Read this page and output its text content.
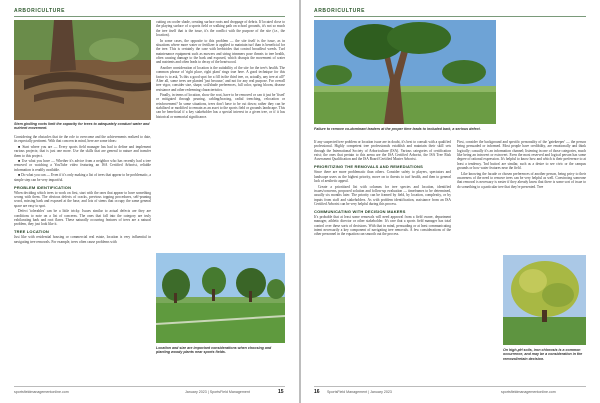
ARBORICULTURE
Stem girdling roots limit the capacity for trees to adequately conduct water and nutrient movement.

Considering the obstacles that tie the role to overcome and the achievements realized to date, its especially pertinent. With that concern in mind, here are some ideas:

■ Start where you are — Every sports field manager has had to define and implement various projects; that is just one more. Use the skills that are general to nature and transfer them to this project.

■ Use what you have — Whether it's advice from a neighbor who has recently had a tree removed or watching a YouTube video featuring an ISA Certified Arborist, reliable information is readily available.

■ Do what you can — Even if it's only making a list of trees that appear to be problematic, a simple step can be very impactful.

PROBLEM IDENTIFICATION

When deciding which trees to work on first, start with the ones that appear to have something wrong with them. The obvious defects of cracks, previous topping procedures, self-pruning wood, missing bark and exposed at the base, and lots of stems that occupy the same general space are easy to spot.

Defect 'tolerables' can be a little tricky. Issues similar to actual defects are they are conditions to note on a list of concerns. The ones that fall into the category are truly exhilarating bark and root flares. These naturally occurring features of trees are a natural problem, they just look like it.

TREE LOCATION

Just like with residential housing or commercial real estate, location is very influential in navigating tree removals. For example, trees often cause problems with

cutting on cooler shade, creating surface roots and droppage of debris. If located close to the playing surface of a sports field or walking path on school grounds, it's not so much the tree itself that is the issue, it's the conflict with the purpose of the site (i.e., the location).

In some cases, the opposite to this problem — the site itself is the issue, as in situations where more water or fertilizer is applied to maintain turf than is beneficial for the tree. This is certainly the case with herbicides that control broadleaf weeds. Turf maintenance equipment such as mowers and string trimmers pose threats to tree health, often causing damage to the bark and exposed, which disrupts the movement of water and nutrients and often leads to decay of the heartwood.

Another consideration of location is the suitability of the site for the tree's health. The common phrase of 'right place, right plant' rings true here. A good technique for this factor is to ask, 'Is this a good spot for a fill in the third tree, or, actually, any tree at all?' After all, some trees are planted 'just because,' and not for any real purpose. For overall tree vigor, consider size, shape, soil/shade preferences, fall color, spring bloom, disease resistance and other redeeming characteristics.

Finally, in terms of location, show the root, have to be removed or can it just be 'fixed' or mitigated through pruning, cabling/bracing, radial trenching, relocation or reinforcement? In some situations, trees don't have to be cut down; rather they can be stabilized or modified to remain as an asset to the sports field or grounds landscape. This can be beneficial if a key stakeholder has a special interest in a given tree, or if it has historical or memorial significance.

Location and size are important considerations when choosing and planting woody plants near sports fields.
sportsfieldmanagementonline.com	January 2023 | SportsField Management	15
ARBORICULTURE
Failure to remove co-dominant leaders at the proper time leads to included bark, a serious defect.

If any suspected tree problem or location issue are in doubt, it's best to consult with a qualified professional. Highly competent tree professionals establish and maintain their skill sets through the International Society of Arboriculture (ISA). Various categories of certification exist; the ones that pertain to this arena are the ISA Certified Arborist, the ISA Tree Risk Assessment Qualification and the ISA Board Certified Master Arborist.

PRIORITIZING THE REMOVALS AND REMEDIATIONS

Since there are more problematic than others. Consider safety to players, spectators and landscape users as the highest priority, move on to threats to turf health, and then to general lack of aesthetic appeal.

Create a prioritized list with columns for tree species and location, identified issues/concerns, proposed solution and follow-up evaluation — timeframes to be determined, usually six months later. The priority can be framed by field, by location, complexity, or by inputs from staff and stakeholders. As with problem identification, assistance from an ISA Certified Arborist can be very helpful during this process.

COMMUNICATING WITH DECISION MAKERS

It's probable that at least some removals will need approval from a field owner, department manager, athletic director or other stakeholder. It's rare that a sports field manager has total control over these sorts of decisions. With that in mind, persuading or at least communicating intent necessarily a key component of navigating tree removals. A few considerations of the other personnel in the equation can smooth out the process.

First, consider the background and specific personality of the 'gatekeeper' — the person being persuaded or informed. Most people have credibility, are emotionally and think logically; casually it's an information channel; listening in one of those categories, much like being an introvert or extrovert. Even the most reserved and logical person has some degree of rational expression. It's helpful to know how and which is their preference to at least a tendency. 'Ind button' are similar, such as a desire to see civic or the campus grounds or how water features near the field.

Like knowing the facade or chosen preferences of another person, being privy to their awareness of the need to remove trees can be very helpful as well. Convincing someone that removal is necessary is easier if they already know that there is some sort of issue to do something to a particular tree that they're presented. Tree

On high-pH soils, iron chlorosis is a common occurrence, and may be a consideration in the removal/retain decision.
16 SportsField Management | January 2023	sportsfieldmanagementonline.com
